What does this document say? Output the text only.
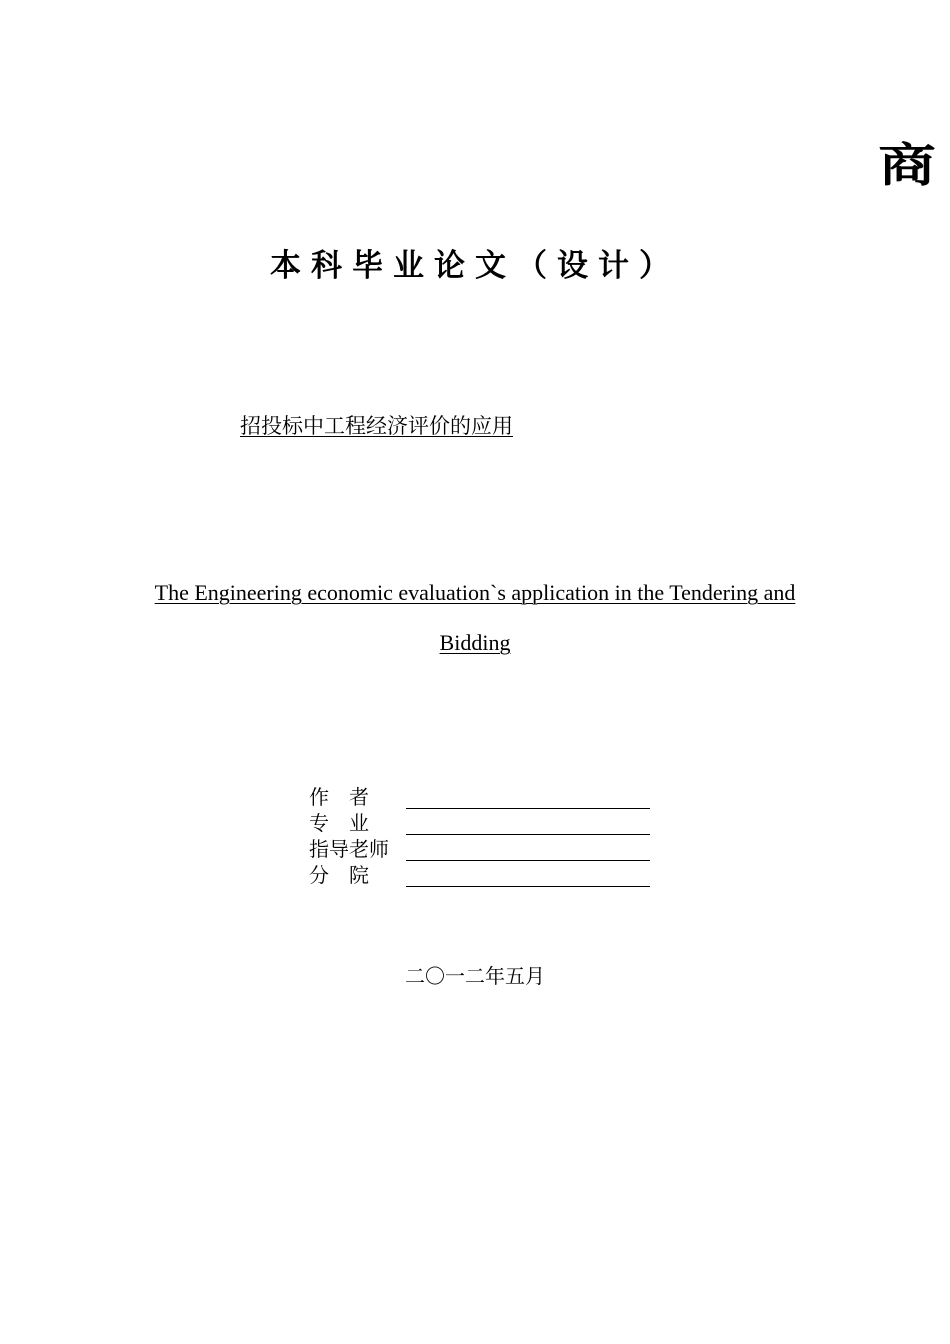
商
本科毕业论文（设计）
招投标中工程经济评价的应用
The Engineering economic evaluation`s application in the Tendering and Bidding
作　者
专　业
指导老师
分　院
二〇一二年五月
